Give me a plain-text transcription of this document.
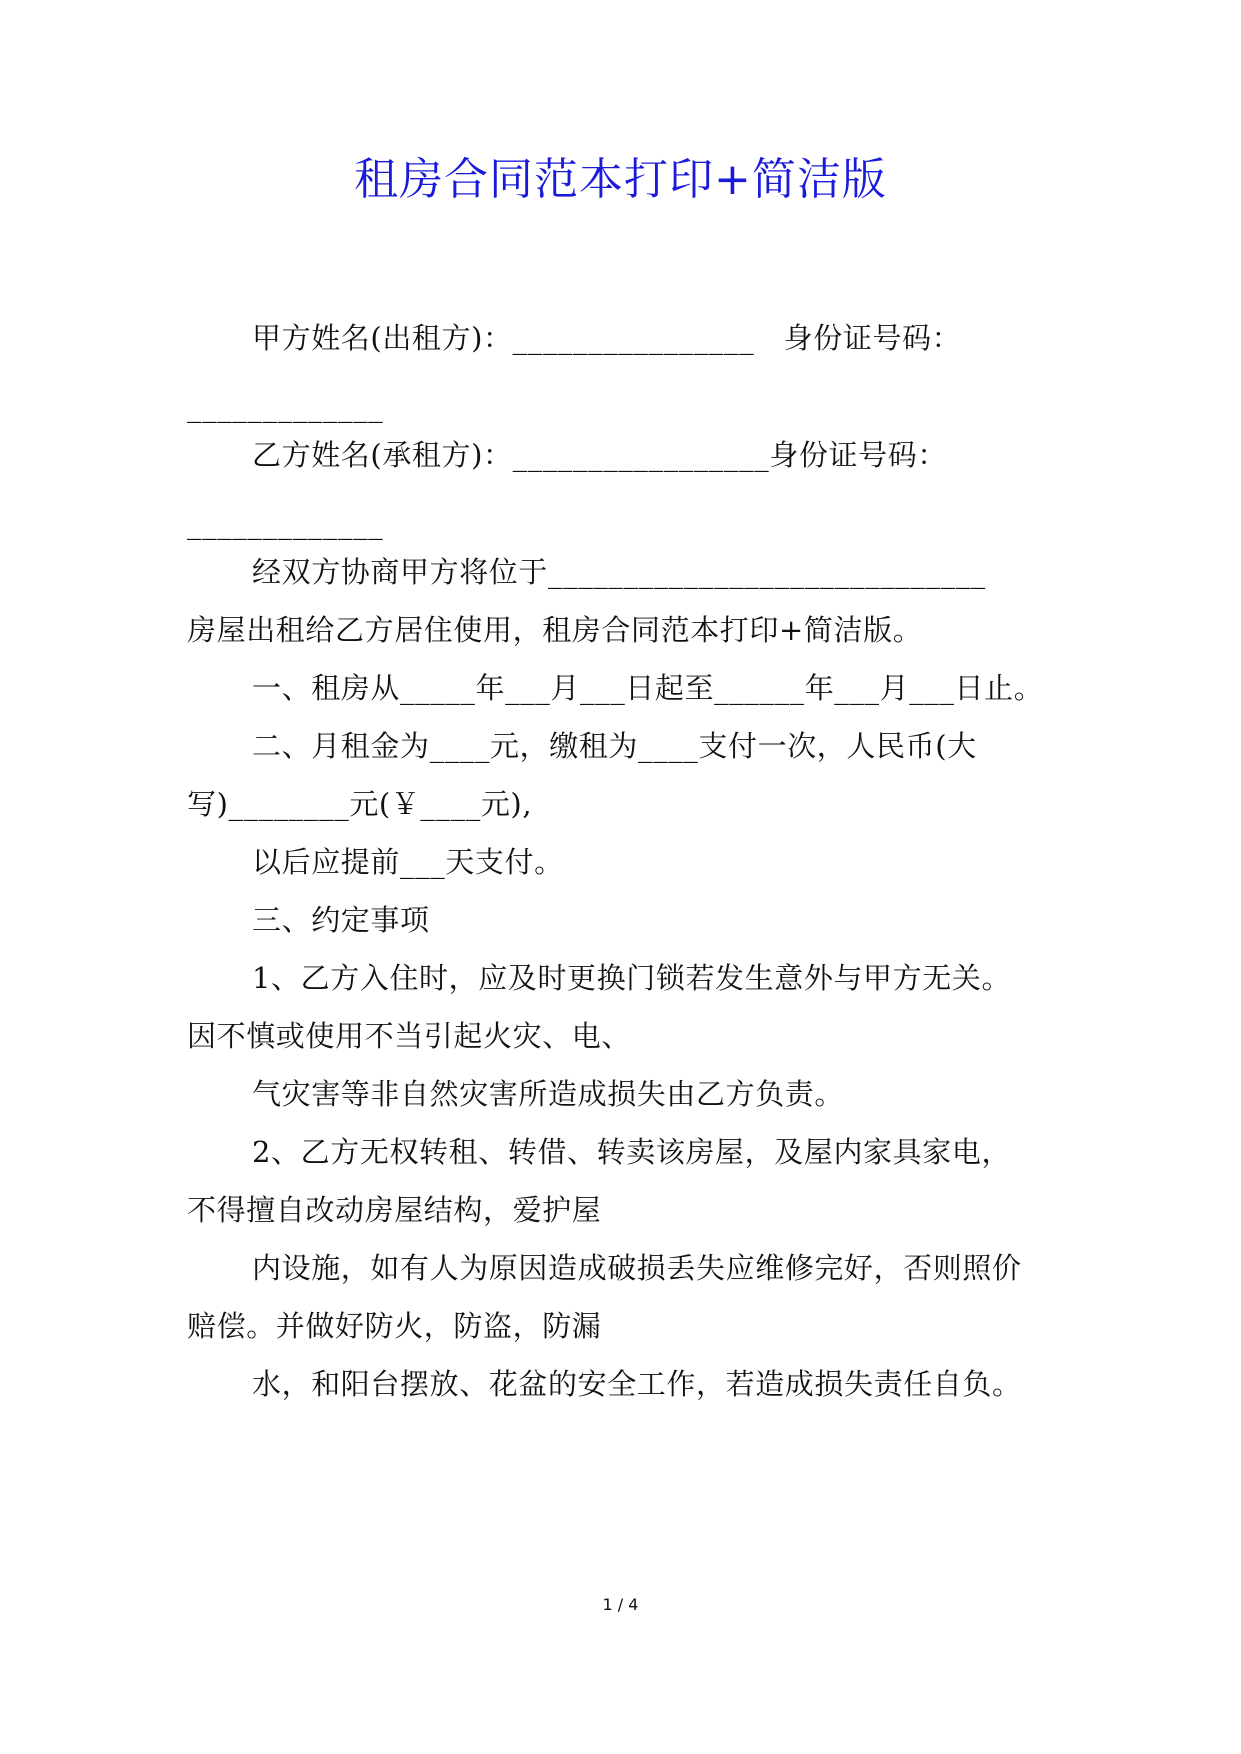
租房合同范本打印+简洁版
甲方姓名(出租方)：________________   身份证号码：
_____________
乙方姓名(承租方)：_________________身份证号码：
_____________
经双方协商甲方将位于_____________________________
房屋出租给乙方居住使用，租房合同范本打印+简洁版。
一、租房从_____年___月___日起至______年___月___日止。
二、月租金为____元，缴租为____支付一次，人民币(大
写)________元(￥____元),
以后应提前___天支付。
三、约定事项
1、乙方入住时，应及时更换门锁若发生意外与甲方无关。
因不慎或使用不当引起火灾、电、
气灾害等非自然灾害所造成损失由乙方负责。
2、乙方无权转租、转借、转卖该房屋，及屋内家具家电，
不得擅自改动房屋结构，爱护屋
内设施，如有人为原因造成破损丢失应维修完好，否则照价
赔偿。并做好防火，防盗，防漏
水，和阳台摆放、花盆的安全工作，若造成损失责任自负。
1 / 4
